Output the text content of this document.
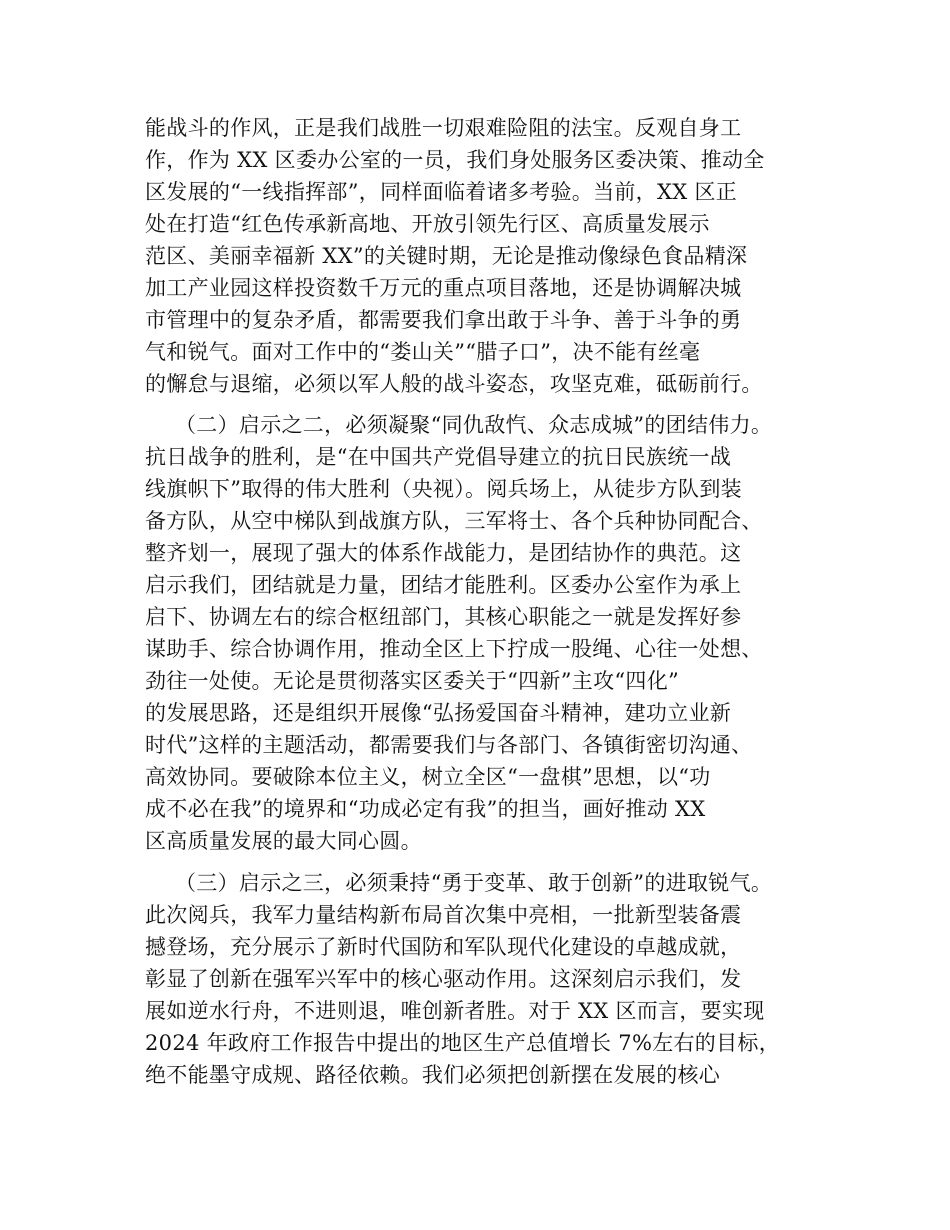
能战斗的作风，正是我们战胜一切艰难险阻的法宝。反观自身工
作，作为 XX 区委办公室的一员，我们身处服务区委决策、推动全
区发展的“一线指挥部”，同样面临着诸多考验。当前，XX 区正
处在打造“红色传承新高地、开放引领先行区、高质量发展示
范区、美丽幸福新 XX”的关键时期，无论是推动像绿色食品精深
加工产业园这样投资数千万元的重点项目落地，还是协调解决城
市管理中的复杂矛盾，都需要我们拿出敢于斗争、善于斗争的勇
气和锐气。面对工作中的“娄山关”“腊子口”，决不能有丝毫
的懈怠与退缩，必须以军人般的战斗姿态，攻坚克难，砥砺前行。
（二）启示之二，必须凝聚“同仇敌忾、众志成城”的团结伟力。
抗日战争的胜利，是“在中国共产党倡导建立的抗日民族统一战
线旗帜下”取得的伟大胜利（央视）。阅兵场上，从徒步方队到装
备方队，从空中梯队到战旗方队，三军将士、各个兵种协同配合、
整齐划一，展现了强大的体系作战能力，是团结协作的典范。这
启示我们，团结就是力量，团结才能胜利。区委办公室作为承上
启下、协调左右的综合枢纽部门，其核心职能之一就是发挥好参
谋助手、综合协调作用，推动全区上下拧成一股绳、心往一处想、
劲往一处使。无论是贯彻落实区委关于“四新”主攻“四化”
的发展思路，还是组织开展像“弘扬爱国奋斗精神，建功立业新
时代”这样的主题活动，都需要我们与各部门、各镇街密切沟通、
高效协同。要破除本位主义，树立全区“一盘棋”思想，以“功
成不必在我”的境界和“功成必定有我”的担当，画好推动 XX
区高质量发展的最大同心圆。
（三）启示之三，必须秉持“勇于变革、敢于创新”的进取锐气。
此次阅兵，我军力量结构新布局首次集中亮相，一批新型装备震
撼登场，充分展示了新时代国防和军队现代化建设的卓越成就，
彰显了创新在强军兴军中的核心驱动作用。这深刻启示我们，发
展如逆水行舟，不进则退，唯创新者胜。对于 XX 区而言，要实现
2024 年政府工作报告中提出的地区生产总值增长 7%左右的目标，
绝不能墨守成规、路径依赖。我们必须把创新摆在发展的核心
